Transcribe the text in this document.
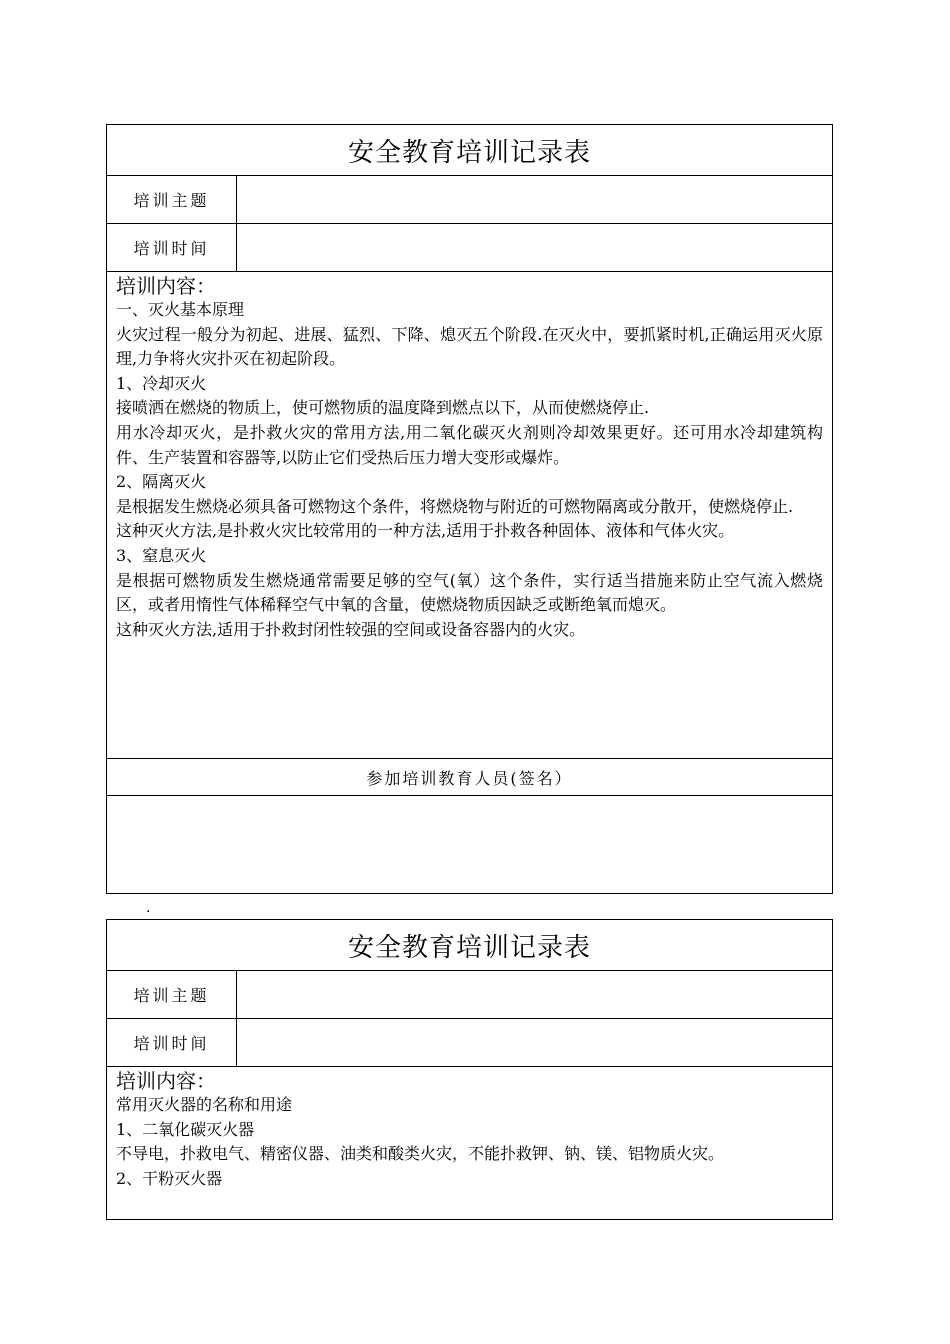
安全教育培训记录表
培训主题
培训时间
培训内容：
一、灭火基本原理
火灾过程一般分为初起、进展、猛烈、下降、熄灭五个阶段.在灭火中，要抓紧时机,正确运用灭火原理,力争将火灾扑灭在初起阶段。
1、冷却灭火
接喷洒在燃烧的物质上，使可燃物质的温度降到燃点以下，从而使燃烧停止.
用水冷却灭火，是扑救火灾的常用方法,用二氧化碳灭火剂则冷却效果更好。还可用水冷却建筑构件、生产装置和容器等,以防止它们受热后压力增大变形或爆炸。
2、隔离灭火
是根据发生燃烧必须具备可燃物这个条件，将燃烧物与附近的可燃物隔离或分散开，使燃烧停止.
这种灭火方法,是扑救火灾比较常用的一种方法,适用于扑救各种固体、液体和气体火灾。
3、窒息灭火
是根据可燃物质发生燃烧通常需要足够的空气(氧）这个条件，实行适当措施来防止空气流入燃烧区，或者用惰性气体稀释空气中氧的含量，使燃烧物质因缺乏或断绝氧而熄灭。
这种灭火方法,适用于扑救封闭性较强的空间或设备容器内的火灾。
参加培训教育人员(签名）
.
安全教育培训记录表
培训主题
培训时间
培训内容：
常用灭火器的名称和用途
1、二氧化碳灭火器
不导电，扑救电气、精密仪器、油类和酸类火灾，不能扑救钾、钠、镁、铝物质火灾。
2、干粉灭火器
